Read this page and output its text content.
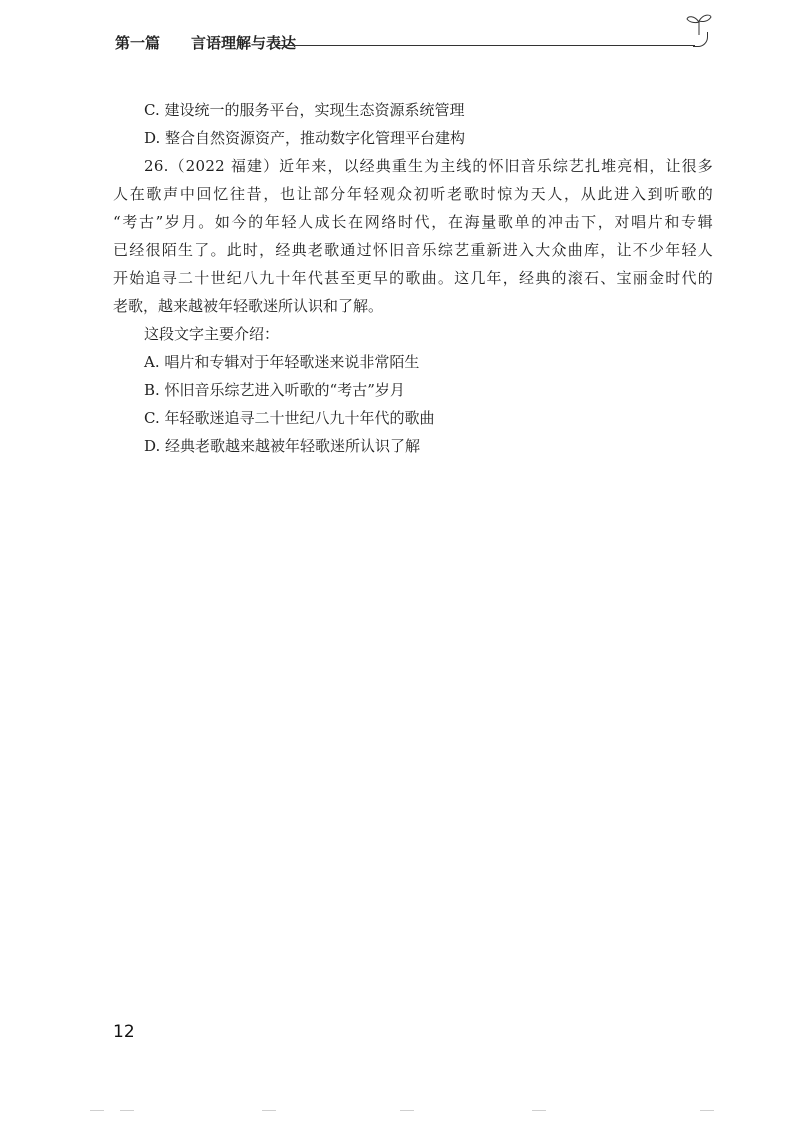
第一篇 言语理解与表达

C. 建设统一的服务平台，实现生态资源系统管理

D. 整合自然资源资产，推动数字化管理平台建构

26.（2022 福建）近年来，以经典重生为主线的怀旧音乐综艺扎堆亮相，让很多

人在歌声中回忆往昔，也让部分年轻观众初听老歌时惊为天人，从此进入到听歌的

“考古”岁月。如今的年轻人成长在网络时代，在海量歌单的冲击下，对唱片和专辑

已经很陌生了。此时，经典老歌通过怀旧音乐综艺重新进入大众曲库，让不少年轻人

开始追寻二十世纪八九十年代甚至更早的歌曲。这几年，经典的滚石、宝丽金时代的

老歌，越来越被年轻歌迷所认识和了解。

这段文字主要介绍：

A. 唱片和专辑对于年轻歌迷来说非常陌生

B. 怀旧音乐综艺进入听歌的“考古”岁月

C. 年轻歌迷追寻二十世纪八九十年代的歌曲

D. 经典老歌越来越被年轻歌迷所认识了解

12
